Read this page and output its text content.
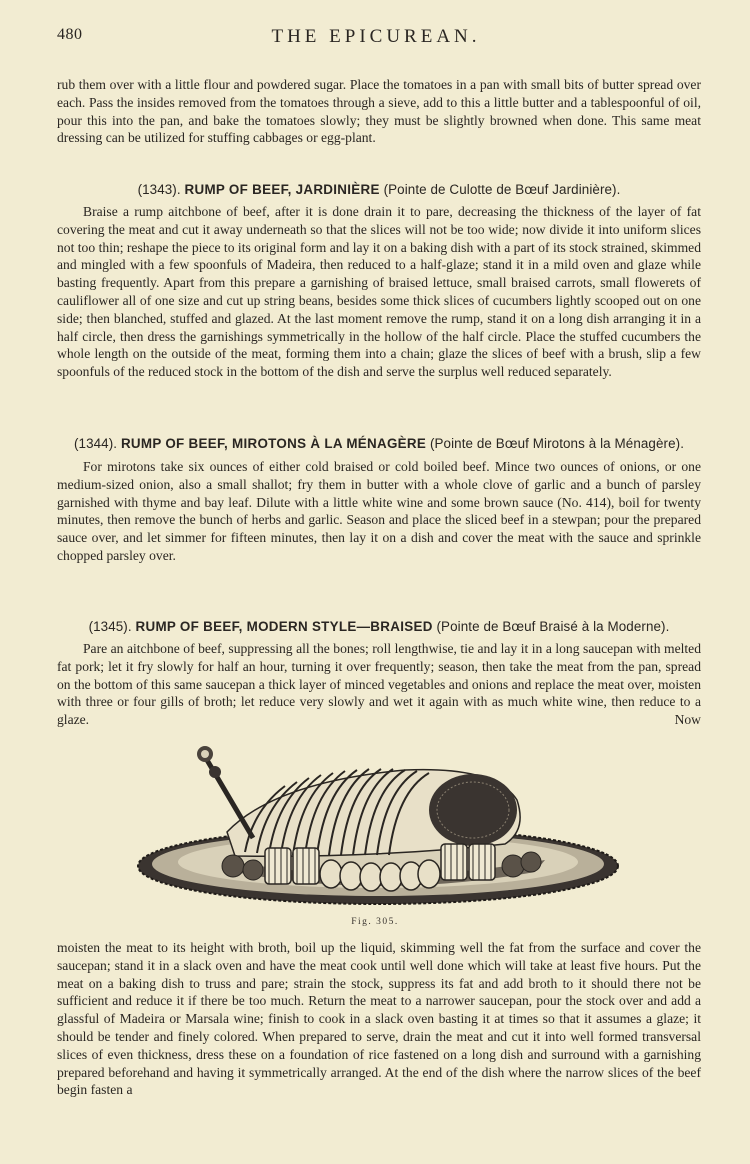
480	THE EPICUREAN.

rub them over with a little flour and powdered sugar. Place the tomatoes in a pan with small bits of butter spread over each. Pass the insides removed from the tomatoes through a sieve, add to this a little butter and a tablespoonful of oil, pour this into the pan, and bake the tomatoes slowly; they must be slightly browned when done. This same meat dressing can be utilized for stuffing cabbages or egg-plant.

(1343). RUMP OF BEEF, JARDINIÈRE (Pointe de Culotte de Bœuf Jardinière).

Braise a rump aitchbone of beef, after it is done drain it to pare, decreasing the thickness of the layer of fat covering the meat and cut it away underneath so that the slices will not be too wide; now divide it into uniform slices not too thin; reshape the piece to its original form and lay it on a baking dish with a part of its stock strained, skimmed and mingled with a few spoonfuls of Madeira, then reduced to a half-glaze; stand it in a mild oven and glaze while basting frequently. Apart from this prepare a garnishing of braised lettuce, small braised carrots, small flowerets of cauliflower all of one size and cut up string beans, besides some thick slices of cucumbers lightly scooped out on one side; then blanched, stuffed and glazed. At the last moment remove the rump, stand it on a long dish arranging it in a half circle, then dress the garnishings symmetrically in the hollow of the half circle. Place the stuffed cucumbers the whole length on the outside of the meat, forming them into a chain; glaze the slices of beef with a brush, slip a few spoonfuls of the reduced stock in the bottom of the dish and serve the surplus well reduced separately.

(1344). RUMP OF BEEF, MIROTONS À LA MÉNAGÈRE (Pointe de Bœuf Mirotons à la Ménagère).

For mirotons take six ounces of either cold braised or cold boiled beef. Mince two ounces of onions, or one medium-sized onion, also a small shallot; fry them in butter with a whole clove of garlic and a bunch of parsley garnished with thyme and bay leaf. Dilute with a little white wine and some brown sauce (No. 414), boil for twenty minutes, then remove the bunch of herbs and garlic. Season and place the sliced beef in a stewpan; pour the prepared sauce over, and let simmer for fifteen minutes, then lay it on a dish and cover the meat with the sauce and sprinkle chopped parsley over.

(1345). RUMP OF BEEF, MODERN STYLE—BRAISED (Pointe de Bœuf Braisé à la Moderne).

Pare an aitchbone of beef, suppressing all the bones; roll lengthwise, tie and lay it in a long saucepan with melted fat pork; let it fry slowly for half an hour, turning it over frequently; season, then take the meat from the pan, spread on the bottom of this same saucepan a thick layer of minced vegetables and onions and replace the meat over, moisten with three or four gills of broth; let reduce very slowly and wet it again with as much white wine, then reduce to a glaze. Now

Fig. 305.

moisten the meat to its height with broth, boil up the liquid, skimming well the fat from the surface and cover the saucepan; stand it in a slack oven and have the meat cook until well done which will take at least five hours. Put the meat on a baking dish to truss and pare; strain the stock, suppress its fat and add broth to it should there not be sufficient and reduce it if there be too much. Return the meat to a narrower saucepan, pour the stock over and add a glassful of Madeira or Marsala wine; finish to cook in a slack oven basting it at times so that it assumes a glaze; it should be tender and finely colored. When prepared to serve, drain the meat and cut it into well formed transversal slices of even thickness, dress these on a foundation of rice fastened on a long dish and surround with a garnishing prepared beforehand and having it symmetrically arranged. At the end of the dish where the narrow slices of the beef begin fasten a
